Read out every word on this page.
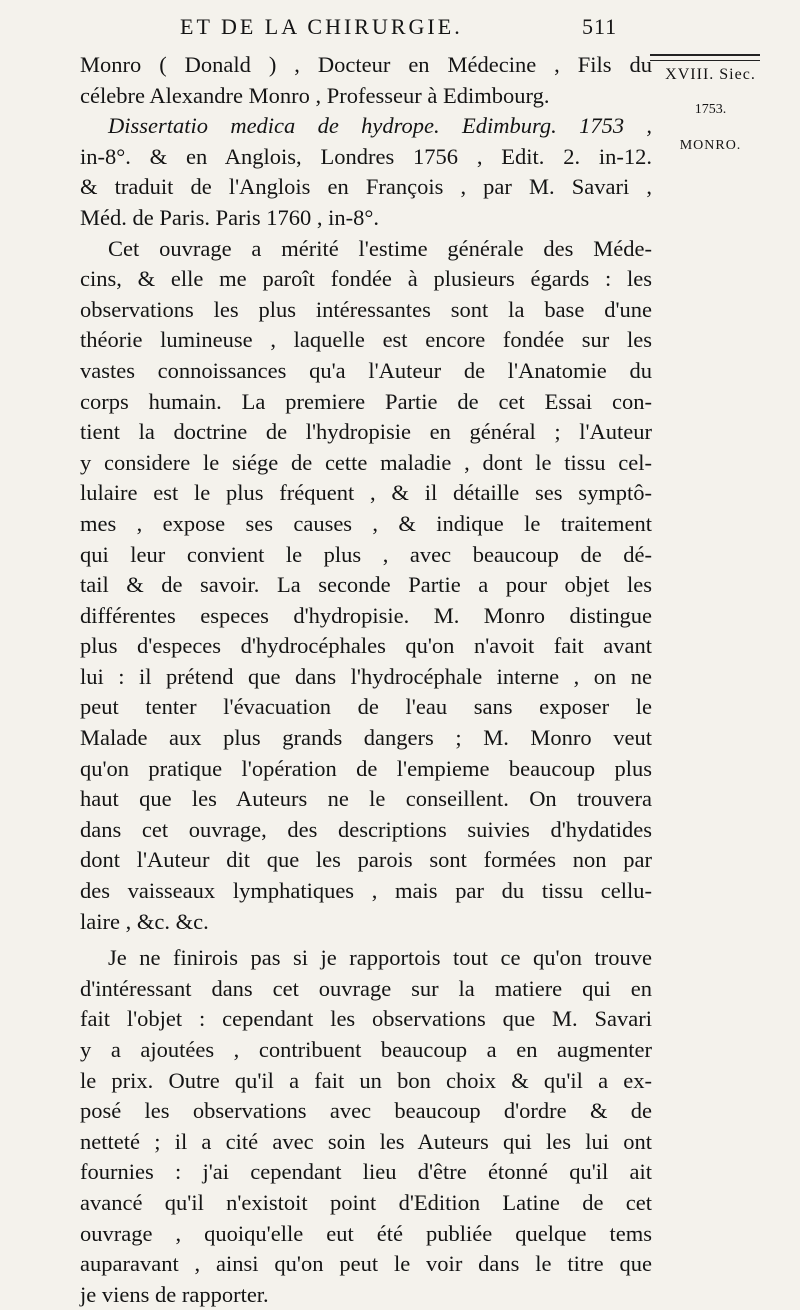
ET DE LA CHIRURGIE.	511
XVIII. Siec.
1753.
MONRO.
Monro ( Donald ) , Docteur en Médecine , Fils du
célebre Alexandre Monro , Professeur à Edimbourg.
Dissertatio medica de hydrope. Edimburg. 1753 ,
in-8°. & en Anglois, Londres 1756 , Edit. 2. in-12.
& traduit de l'Anglois en François , par M. Savari ,
Méd. de Paris. Paris 1760 , in-8°.
Cet ouvrage a mérité l'estime générale des Méde-
cins, & elle me paroît fondée à plusieurs égards : les
observations les plus intéressantes sont la base d'une
théorie lumineuse , laquelle est encore fondée sur les
vastes connoissances qu'a l'Auteur de l'Anatomie du
corps humain. La premiere Partie de cet Essai con-
tient la doctrine de l'hydropisie en général ; l'Auteur
y considere le siége de cette maladie , dont le tissu cel-
lulaire est le plus fréquent , & il détaille ses symptô-
mes , expose ses causes , & indique le traitement
qui leur convient le plus , avec beaucoup de dé-
tail & de savoir. La seconde Partie a pour objet les
différentes especes d'hydropisie. M. Monro distingue
plus d'especes d'hydrocéphales qu'on n'avoit fait avant
lui : il prétend que dans l'hydrocéphale interne , on ne
peut tenter l'évacuation de l'eau sans exposer le
Malade aux plus grands dangers ; M. Monro veut
qu'on pratique l'opération de l'empieme beaucoup plus
haut que les Auteurs ne le conseillent. On trouvera
dans cet ouvrage, des descriptions suivies d'hydatides
dont l'Auteur dit que les parois sont formées non par
des vaisseaux lymphatiques , mais par du tissu cellu-
laire , &c. &c.
Je ne finirois pas si je rapportois tout ce qu'on trouve
d'intéressant dans cet ouvrage sur la matiere qui en
fait l'objet : cependant les observations que M. Savari
y a ajoutées , contribuent beaucoup a en augmenter
le prix. Outre qu'il a fait un bon choix & qu'il a ex-
posé les observations avec beaucoup d'ordre & de
netteté ; il a cité avec soin les Auteurs qui les lui ont
fournies : j'ai cependant lieu d'être étonné qu'il ait
avancé qu'il n'existoit point d'Edition Latine de cet
ouvrage , quoiqu'elle eut été publiée quelque tems
auparavant , ainsi qu'on peut le voir dans le titre que
je viens de rapporter.
